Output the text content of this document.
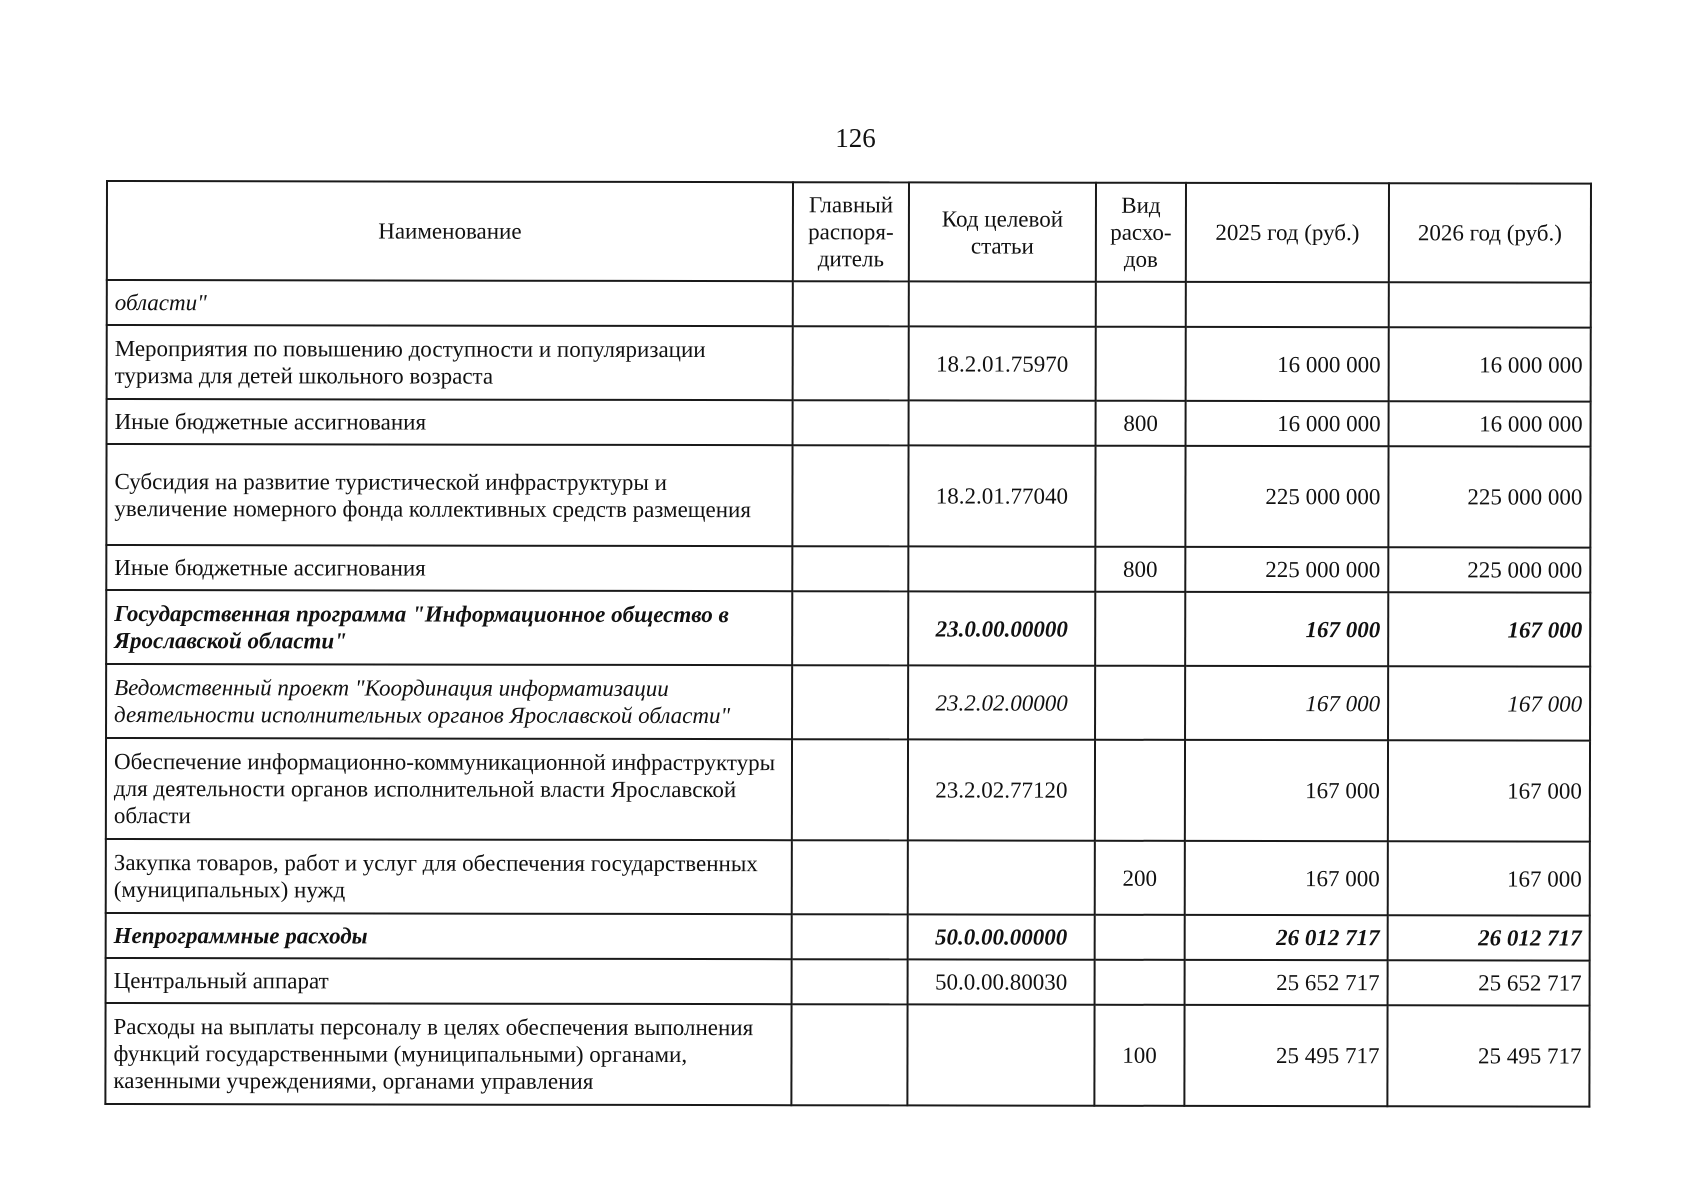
126
Наименование	Главный распоря-дитель	Код целевой статьи	Вид расхо-дов	2025 год (руб.)	2026 год (руб.)
области"					
Мероприятия по повышению доступности и популяризации туризма для детей школьного возраста		18.2.01.75970		16 000 000	16 000 000
Иные бюджетные ассигнования			800	16 000 000	16 000 000
Субсидия на развитие туристической инфраструктуры и увеличение номерного фонда коллективных средств размещения		18.2.01.77040		225 000 000	225 000 000
Иные бюджетные ассигнования			800	225 000 000	225 000 000
Государственная программа "Информационное общество в Ярославской области"		23.0.00.00000		167 000	167 000
Ведомственный проект "Координация информатизации деятельности исполнительных органов Ярославской области"		23.2.02.00000		167 000	167 000
Обеспечение информационно-коммуникационной инфраструктуры для деятельности органов исполнительной власти Ярославской области		23.2.02.77120		167 000	167 000
Закупка товаров, работ и услуг для обеспечения государственных (муниципальных) нужд			200	167 000	167 000
Непрограммные расходы		50.0.00.00000		26 012 717	26 012 717
Центральный аппарат		50.0.00.80030		25 652 717	25 652 717
Расходы на выплаты персоналу в целях обеспечения выполнения функций государственными (муниципальными) органами, казенными учреждениями, органами управления			100	25 495 717	25 495 717
